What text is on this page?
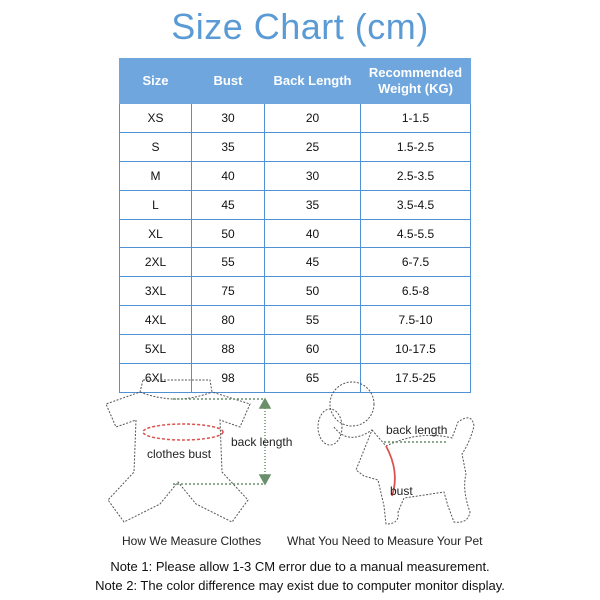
Size Chart (cm)
Size	Bust	Back Length	Recommended Weight (KG)
XS	30	20	1-1.5
S	35	25	1.5-2.5
M	40	30	2.5-3.5
L	45	35	3.5-4.5
XL	50	40	4.5-5.5
2XL	55	45	6-7.5
3XL	75	50	6.5-8
4XL	80	55	7.5-10
5XL	88	60	10-17.5
6XL	98	65	17.5-25
back length
clothes bust
back length
bust
How We Measure Clothes What You Need to Measure Your Pet
Note 1: Please allow 1-3 CM error due to a manual measurement.
Note 2: The color difference may exist due to computer monitor display.
